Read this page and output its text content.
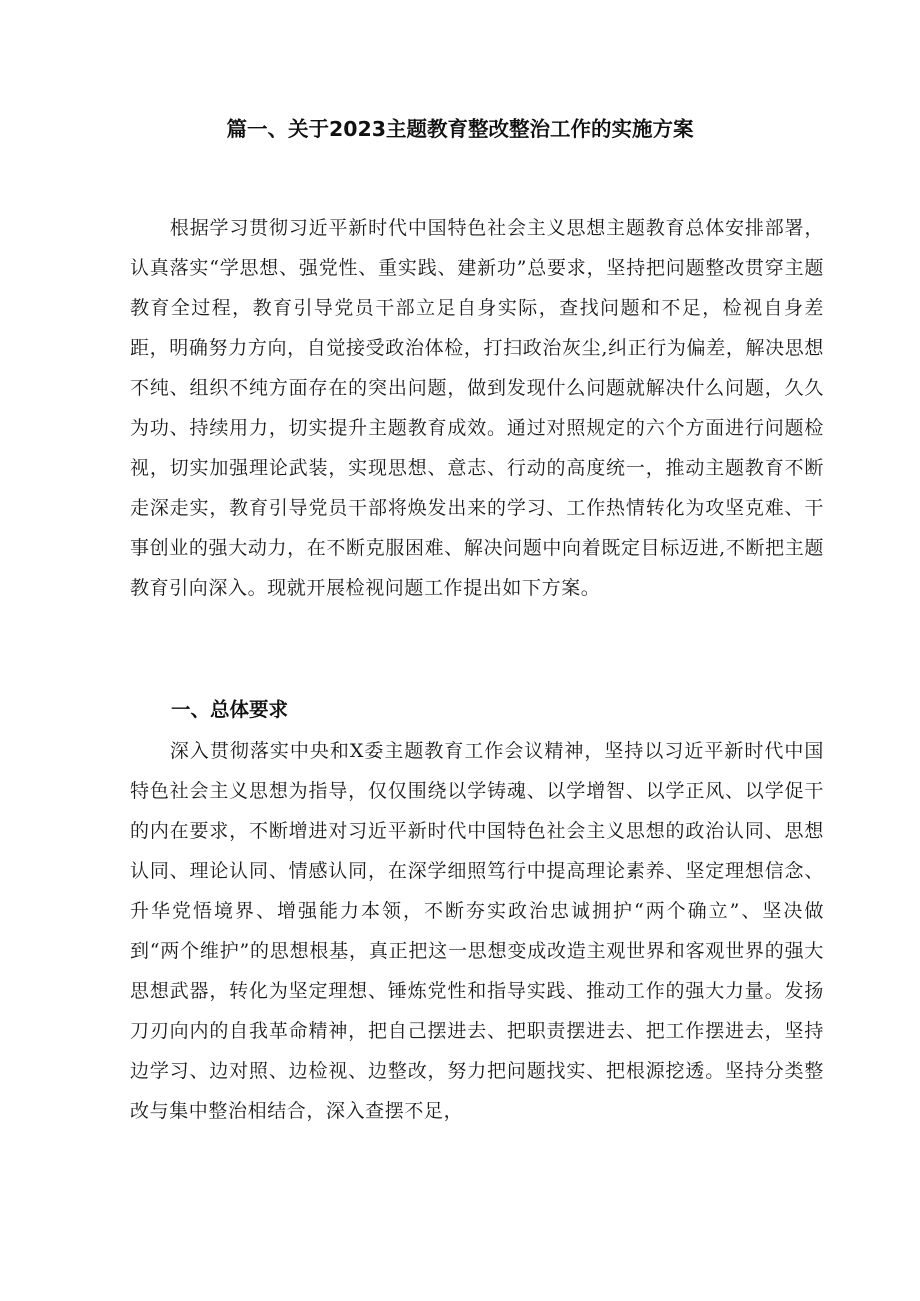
篇一、关于2023主题教育整改整治工作的实施方案

根据学习贯彻习近平新时代中国特色社会主义思想主题教育总体安排部署，认真落实“学思想、强党性、重实践、建新功”总要求，坚持把问题整改贯穿主题教育全过程，教育引导党员干部立足自身实际，查找问题和不足，检视自身差距，明确努力方向，自觉接受政治体检，打扫政治灰尘,纠正行为偏差，解决思想不纯、组织不纯方面存在的突出问题，做到发现什么问题就解决什么问题，久久为功、持续用力，切实提升主题教育成效。通过对照规定的六个方面进行问题检视，切实加强理论武装，实现思想、意志、行动的高度统一，推动主题教育不断走深走实，教育引导党员干部将焕发出来的学习、工作热情转化为攻坚克难、干事创业的强大动力，在不断克服困难、解决问题中向着既定目标迈进,不断把主题教育引向深入。现就开展检视问题工作提出如下方案。

一、总体要求

深入贯彻落实中央和X委主题教育工作会议精神，坚持以习近平新时代中国特色社会主义思想为指导，仅仅围绕以学铸魂、以学增智、以学正风、以学促干的内在要求，不断增进对习近平新时代中国特色社会主义思想的政治认同、思想认同、理论认同、情感认同，在深学细照笃行中提高理论素养、坚定理想信念、升华党悟境界、增强能力本领，不断夯实政治忠诚拥护“两个确立”、坚决做到“两个维护”的思想根基，真正把这一思想变成改造主观世界和客观世界的强大思想武器，转化为坚定理想、锤炼党性和指导实践、推动工作的强大力量。发扬刀刃向内的自我革命精神，把自己摆进去、把职责摆进去、把工作摆进去，坚持边学习、边对照、边检视、边整改，努力把问题找实、把根源挖透。坚持分类整改与集中整治相结合，深入查摆不足，
